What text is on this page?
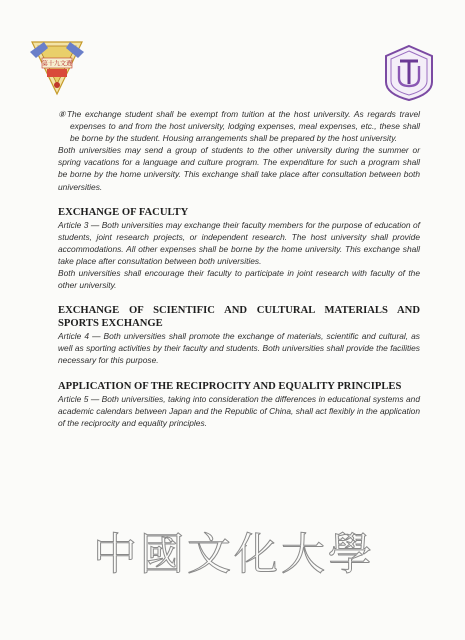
第十九文選

⑧The exchange student shall be exempt from tuition at the host university. As regards travel expenses to and from the host university, lodging expenses, meal expenses, etc., these shall be borne by the student. Housing arrangements shall be prepared by the host university.

Both universities may send a group of students to the other university during the summer or spring vacations for a language and culture program. The expenditure for such a program shall be borne by the home university. This exchange shall take place after consultation between both universities.

EXCHANGE OF FACULTY

Article 3 — Both universities may exchange their faculty members for the purpose of education of students, joint research projects, or independent research. The host university shall provide accommodations. All other expenses shall be borne by the home university. This exchange shall take place after consultation between both universities.

Both universities shall encourage their faculty to participate in joint research with faculty of the other university.

EXCHANGE OF SCIENTIFIC AND CULTURAL MATERIALS AND SPORTS EXCHANGE

Article 4 — Both universities shall promote the exchange of materials, scientific and cultural, as well as sporting activities by their faculty and students. Both universities shall provide the facilities necessary for this purpose.

APPLICATION OF THE RECIPROCITY AND EQUALITY PRINCIPLES

Article 5 — Both universities, taking into consideration the differences in educational systems and academic calendars between Japan and the Republic of China, shall act flexibly in the application of the reciprocity and equality principles.

中國文化大學
